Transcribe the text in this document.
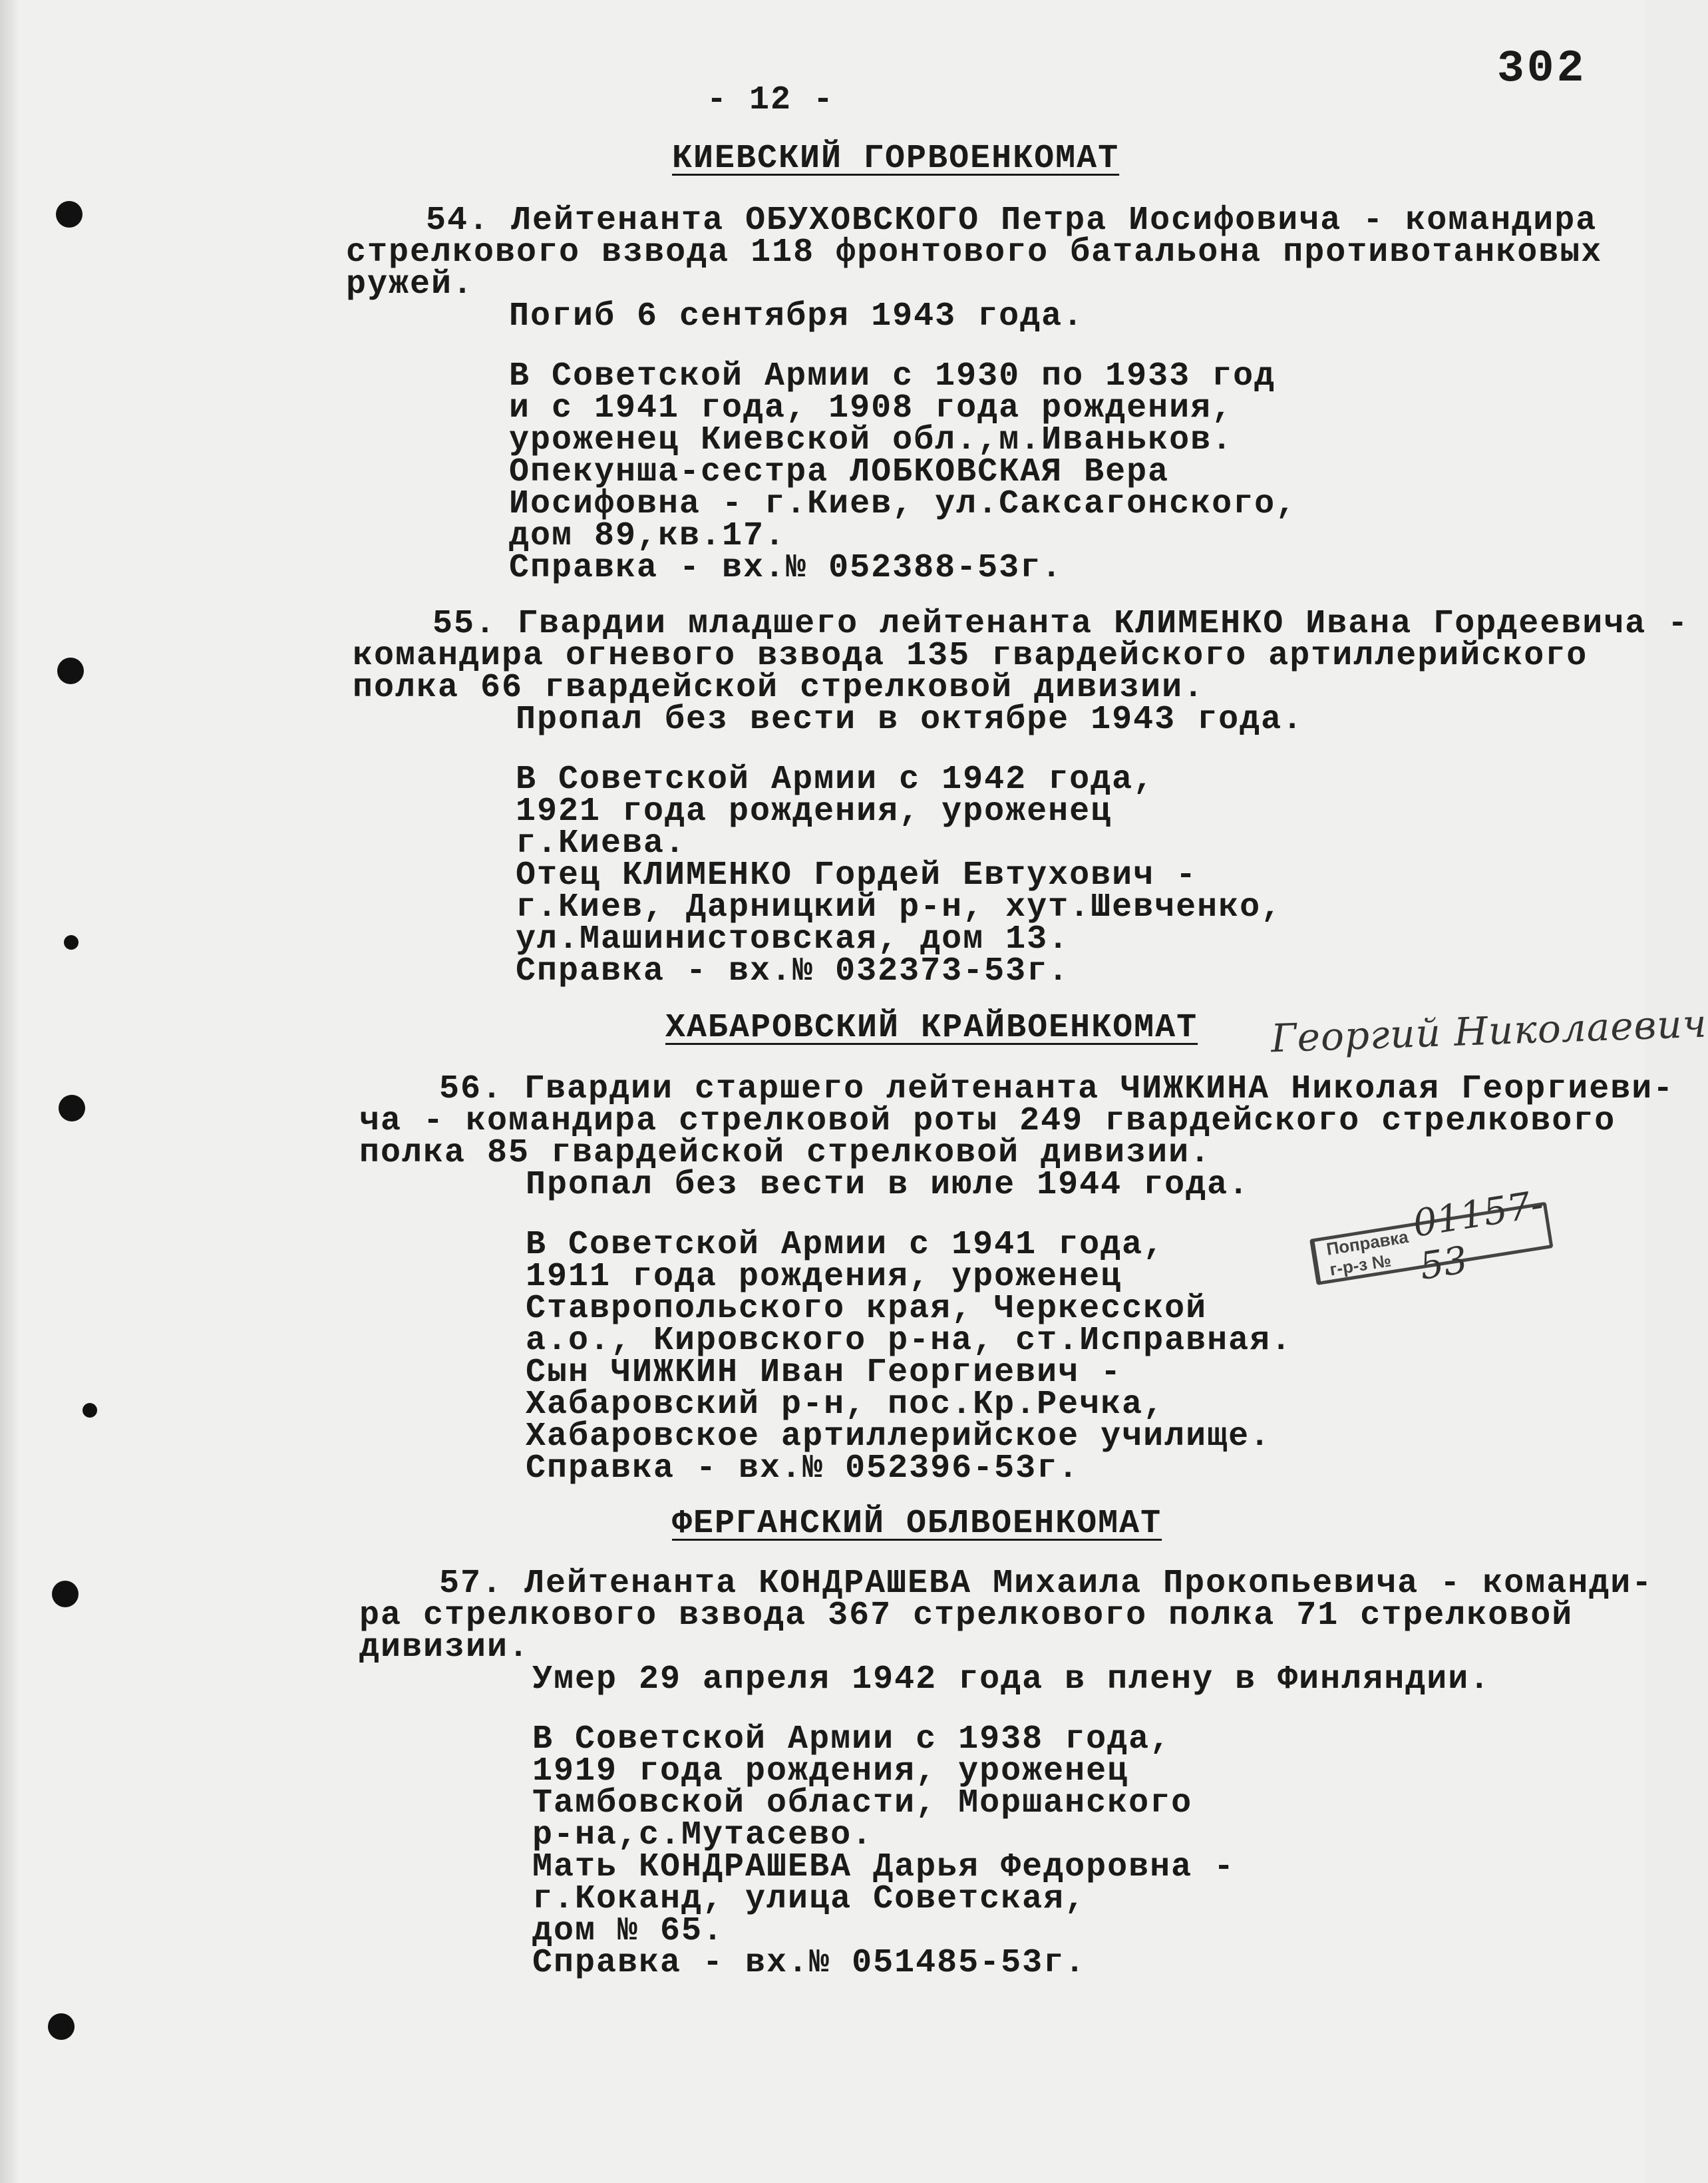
- 12 -
302
КИЕВСКИЙ ГОРВОЕНКОМАТ
54. Лейтенанта ОБУХОВСКОГО Петра Иосифовича - командира
стрелкового взвода 118 фронтового батальона противотанковых
ружей.
Погиб 6 сентября 1943 года.
В Советской Армии с 1930 по 1933 год
и с 1941 года, 1908 года рождения,
уроженец Киевской обл.,м.Иваньков.
Опекунша-сестра ЛОБКОВСКАЯ Вера
Иосифовна - г.Киев, ул.Саксагонского,
дом 89,кв.17.
Справка - вх.№ 052388-53г.
55. Гвардии младшего лейтенанта КЛИМЕНКО Ивана Гордеевича -
командира огневого взвода 135 гвардейского артиллерийского
полка 66 гвардейской стрелковой дивизии.
Пропал без вести в октябре 1943 года.
В Советской Армии с 1942 года,
1921 года рождения, уроженец
г.Киева.
Отец КЛИМЕНКО Гордей Евтухович -
г.Киев, Дарницкий р-н, хут.Шевченко,
ул.Машинистовская, дом 13.
Справка - вх.№ 032373-53г.
ХАБАРОВСКИЙ КРАЙВОЕНКОМАТ Георгий Николаевич
56. Гвардии старшего лейтенанта ЧИЖКИНА Николая Георгиеви-
ча - командира стрелковой роты 249 гвардейского стрелкового
полка 85 гвардейской стрелковой дивизии.
Пропал без вести в июле 1944 года.
В Советской Армии с 1941 года,
1911 года рождения, уроженец
Ставропольского края, Черкесской
а.о., Кировского р-на, ст.Исправная.
Сын ЧИЖКИН Иван Георгиевич -
Хабаровский р-н, пос.Кр.Речка,
Хабаровское артиллерийское училище.
Справка - вх.№ 052396-53г.
Поправка г-р-з №
01157-53
ФЕРГАНСКИЙ ОБЛВОЕНКОМАТ
57. Лейтенанта КОНДРАШЕВА Михаила Прокопьевича - команди-
ра стрелкового взвода 367 стрелкового полка 71 стрелковой
дивизии.
Умер 29 апреля 1942 года в плену в Финляндии.
В Советской Армии с 1938 года,
1919 года рождения, уроженец
Тамбовской области, Моршанского
р-на,с.Мутасево.
Мать КОНДРАШЕВА Дарья Федоровна -
г.Коканд, улица Советская,
дом № 65.
Справка - вх.№ 051485-53г.
